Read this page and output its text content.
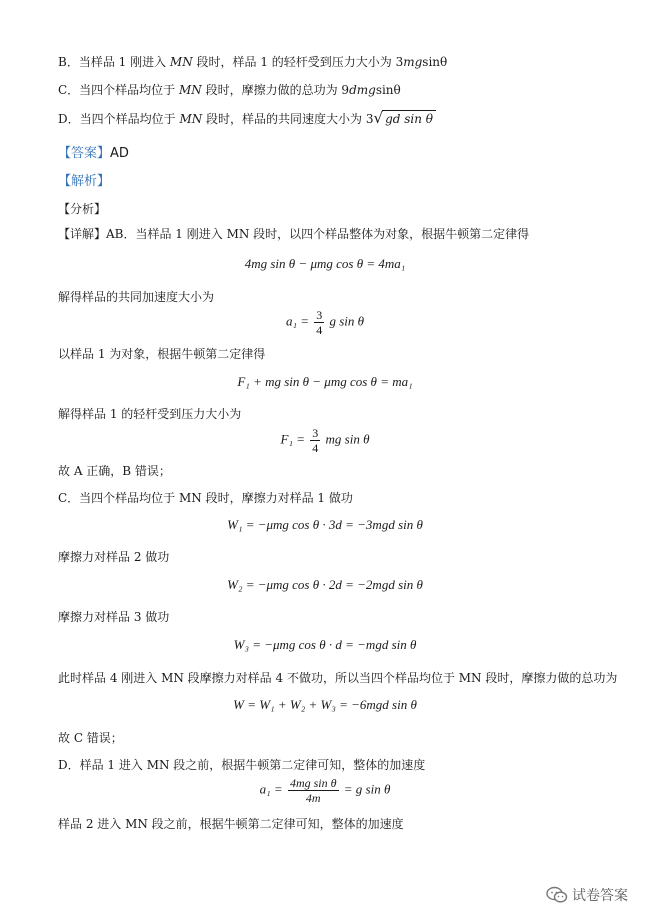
B．当样品 1 刚进入 MN 段时，样品 1 的轻杆受到压力大小为 3mgsinθ
C．当四个样品均位于 MN 段时，摩擦力做的总功为 9dmgsinθ
D．当四个样品均位于 MN 段时，样品的共同速度大小为 3√ gd sin θ
【答案】AD
【解析】
【分析】
【详解】AB．当样品 1 刚进入 MN 段时，以四个样品整体为对象，根据牛顿第二定律得
4mg sin θ − μmg cos θ = 4ma₁
解得样品的共同加速度大小为
$a_1 = \frac{3}{4}$ g sin θ
以样品 1 为对象，根据牛顿第二定律得
F₁ + mg sin θ − μmg cos θ = ma₁
解得样品 1 的轻杆受到压力大小为
$F_1 = \frac{3}{4}$ mg sin θ
故 A 正确，B 错误；
C．当四个样品均位于 MN 段时，摩擦力对样品 1 做功
W₁ = −μmg cos θ · 3d = −3mgd sin θ
摩擦力对样品 2 做功
W₂ = −μmg cos θ · 2d = −2mgd sin θ
摩擦力对样品 3 做功
W₃ = −μmg cos θ · d = −mgd sin θ
此时样品 4 刚进入 MN 段摩擦力对样品 4 不做功，所以当四个样品均位于 MN 段时，摩擦力做的总功为
W = W₁ + W₂ + W₃ = −6mgd sin θ
故 C 错误；
D．样品 1 进入 MN 段之前，根据牛顿第二定律可知，整体的加速度
$a_1 = \frac{\text{4mg sin θ}}{4m} = g$ sin θ
样品 2 进入 MN 段之前，根据牛顿第二定律可知，整体的加速度
试卷答案
